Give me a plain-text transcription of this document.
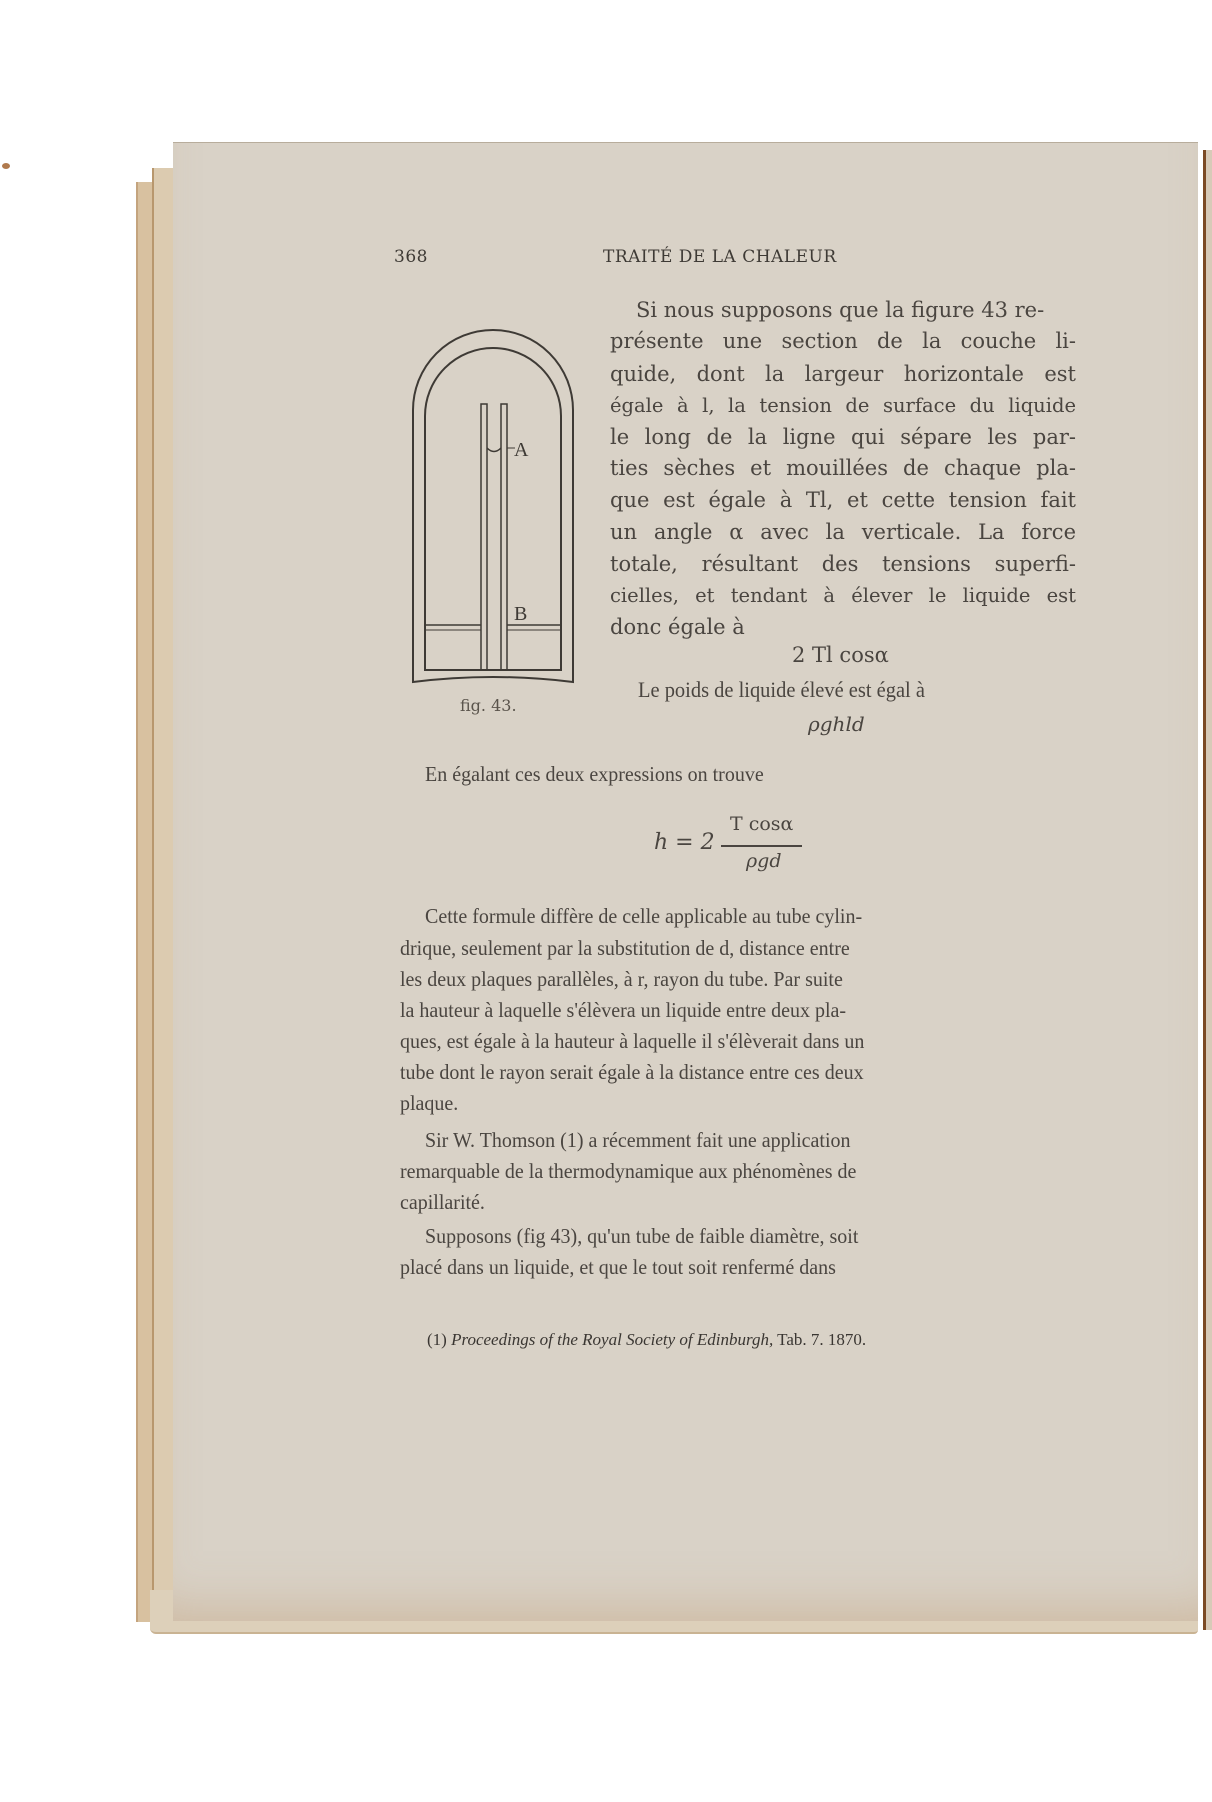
368	TRAITÉ DE LA CHALEUR
A
B
fig. 43.
Si nous supposons que la figure 43 re-
présente une section de la couche li-
quide, dont la largeur horizontale est
égale à l, la tension de surface du liquide
le long de la ligne qui sépare les par-
ties sèches et mouillées de chaque pla-
que est égale à Tl, et cette tension fait
un angle α avec la verticale. La force
totale, résultant des tensions superfi-
cielles, et tendant à élever le liquide est
donc égale à
2 Tl cosα
Le poids de liquide élevé est égal à
ρghld
En égalant ces deux expressions on trouve
h = 2
T cosα
ρgd
Cette formule diffère de celle applicable au tube cylin-
drique, seulement par la substitution de d, distance entre
les deux plaques parallèles, à r, rayon du tube. Par suite
la hauteur à laquelle s'élèvera un liquide entre deux pla-
ques, est égale à la hauteur à laquelle il s'élèverait dans un
tube dont le rayon serait égale à la distance entre ces deux
plaque.
Sir W. Thomson (1) a récemment fait une application
remarquable de la thermodynamique aux phénomènes de
capillarité.
Supposons (fig 43), qu'un tube de faible diamètre, soit
placé dans un liquide, et que le tout soit renfermé dans
(1) Proceedings of the Royal Society of Edinburgh, Tab. 7. 1870.
